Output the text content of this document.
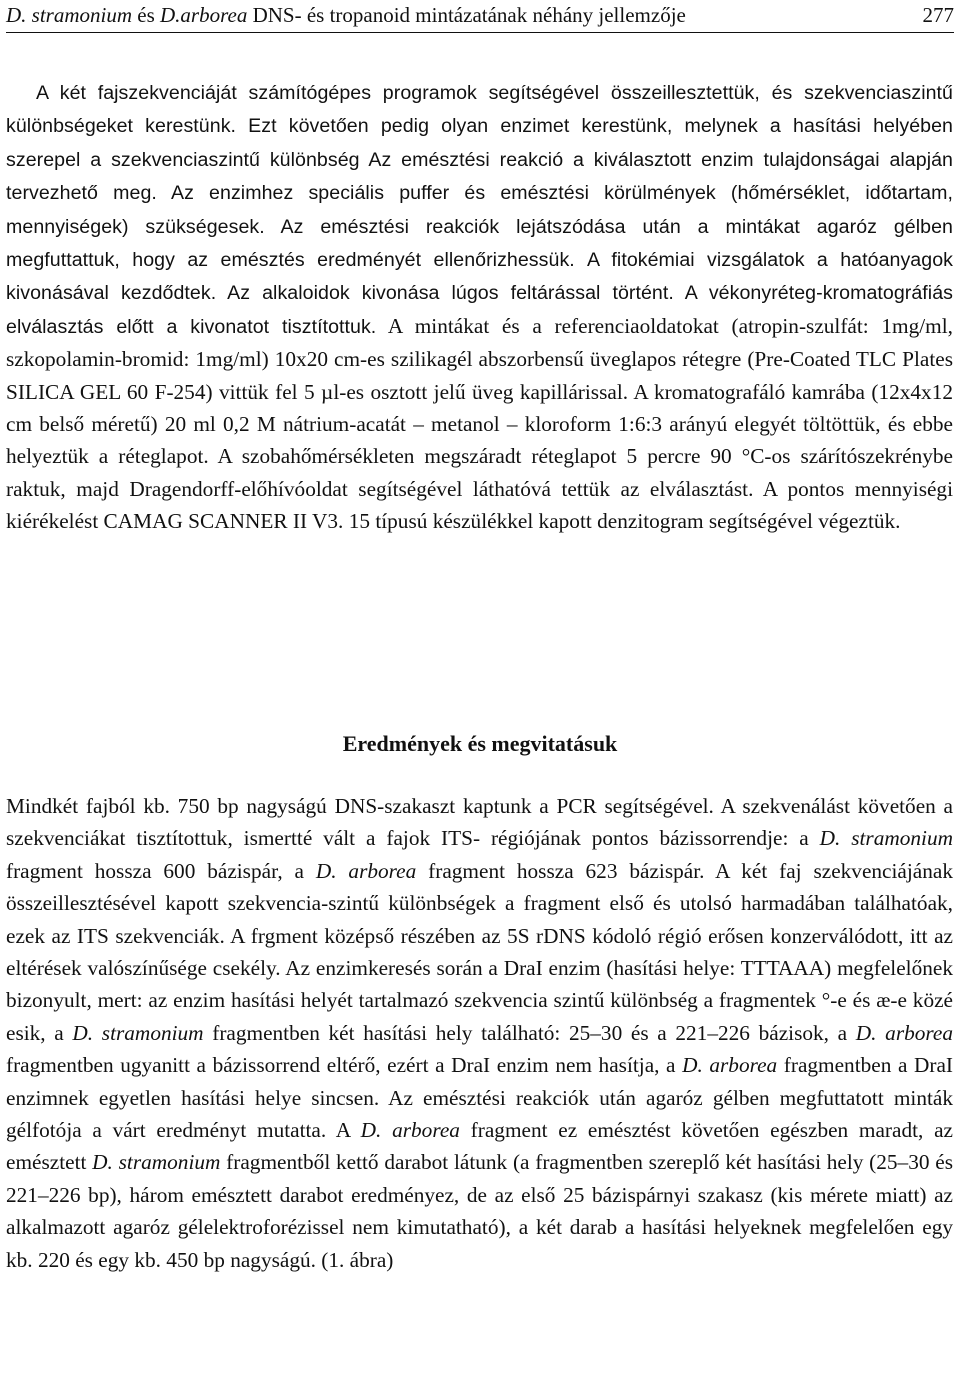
D. stramonium és D.arborea DNS- és tropanoid mintázatának néhány jellemzője	277

A két fajszekvenciáját számítógépes programok segítségével összeillesztettük, és szekvenciaszintű különbségeket kerestünk. Ezt követően pedig olyan enzimet kerestünk, melynek a hasítási helyében szerepel a szekvenciaszintű különbség Az emésztési reakció a kiválasztott enzim tulajdonságai alapján tervezhető meg. Az enzimhez speciális puffer és emésztési körülmények (hőmérséklet, időtartam, mennyiségek) szükségesek. Az emésztési reakciók lejátszódása után a mintákat agaróz gélben megfuttattuk, hogy az emésztés eredményét ellenőrizhessük. A fitokémiai vizsgálatok a hatóanyagok kivonásával kezdődtek. Az alkaloidok kivonása lúgos feltárással történt. A vékonyréteg-kromatográfiás elválasztás előtt a kivonatot tisztítottuk. A mintákat és a referenciaoldatokat (atropin-szulfát: 1mg/ml, szkopolamin-bromid: 1mg/ml) 10x20 cm-es szilikagél abszorbensű üveglapos rétegre (Pre-Coated TLC Plates SILICA GEL 60 F-254) vittük fel 5 µl-es osztott jelű üveg kapillárissal. A kromatografáló kamrába (12x4x12 cm belső méretű) 20 ml 0,2 M nátrium-acatát – metanol – kloroform 1:6:3 arányú elegyét töltöttük, és ebbe helyeztük a réteglapot. A szobahőmérsékleten megszáradt réteglapot 5 percre 90 °C-os szárítószekrénybe raktuk, majd Dragendorff-előhívóoldat segítségével láthatóvá tettük az elválasztást. A pontos mennyiségi kiérékelést CAMAG SCANNER II V3. 15 típusú készülékkel kapott denzitogram segítségével végeztük.

Eredmények és megvitatásuk

Mindkét fajból kb. 750 bp nagyságú DNS-szakaszt kaptunk a PCR segítségével. A szekvenálást követően a szekvenciákat tisztítottuk, ismertté vált a fajok ITS- régiójának pontos bázissorrendje: a D. stramonium fragment hossza 600 bázispár, a D. arborea fragment hossza 623 bázispár. A két faj szekvenciájának összeillesztésével kapott szekvencia-szintű különbségek a fragment első és utolsó harmadában találhatóak, ezek az ITS szekvenciák. A frgment középső részében az 5S rDNS kódoló régió erősen konzerválódott, itt az eltérések valószínűsége csekély. Az enzimkeresés során a DraI enzim (hasítási helye: TTTAAA) megfelelőnek bizonyult, mert: az enzim hasítási helyét tartalmazó szekvencia szintű különbség a fragmentek °-e és æ-e közé esik, a D. stramonium fragmentben két hasítási hely található: 25–30 és a 221–226 bázisok, a D. arborea fragmentben ugyanitt a bázissorrend eltérő, ezért a DraI enzim nem hasítja, a D. arborea fragmentben a DraI enzimnek egyetlen hasítási helye sincsen. Az emésztési reakciók után agaróz gélben megfuttatott minták gélfotója a várt eredményt mutatta. A D. arborea fragment ez emésztést követően egészben maradt, az emésztett D. stramonium fragmentből kettő darabot látunk (a fragmentben szereplő két hasítási hely (25–30 és 221–226 bp), három emésztett darabot eredményez, de az első 25 bázispárnyi szakasz (kis mérete miatt) az alkalmazott agaróz gélelektroforézissel nem kimutatható), a két darab a hasítási helyeknek megfelelően egy kb. 220 és egy kb. 450 bp nagyságú. (1. ábra)
